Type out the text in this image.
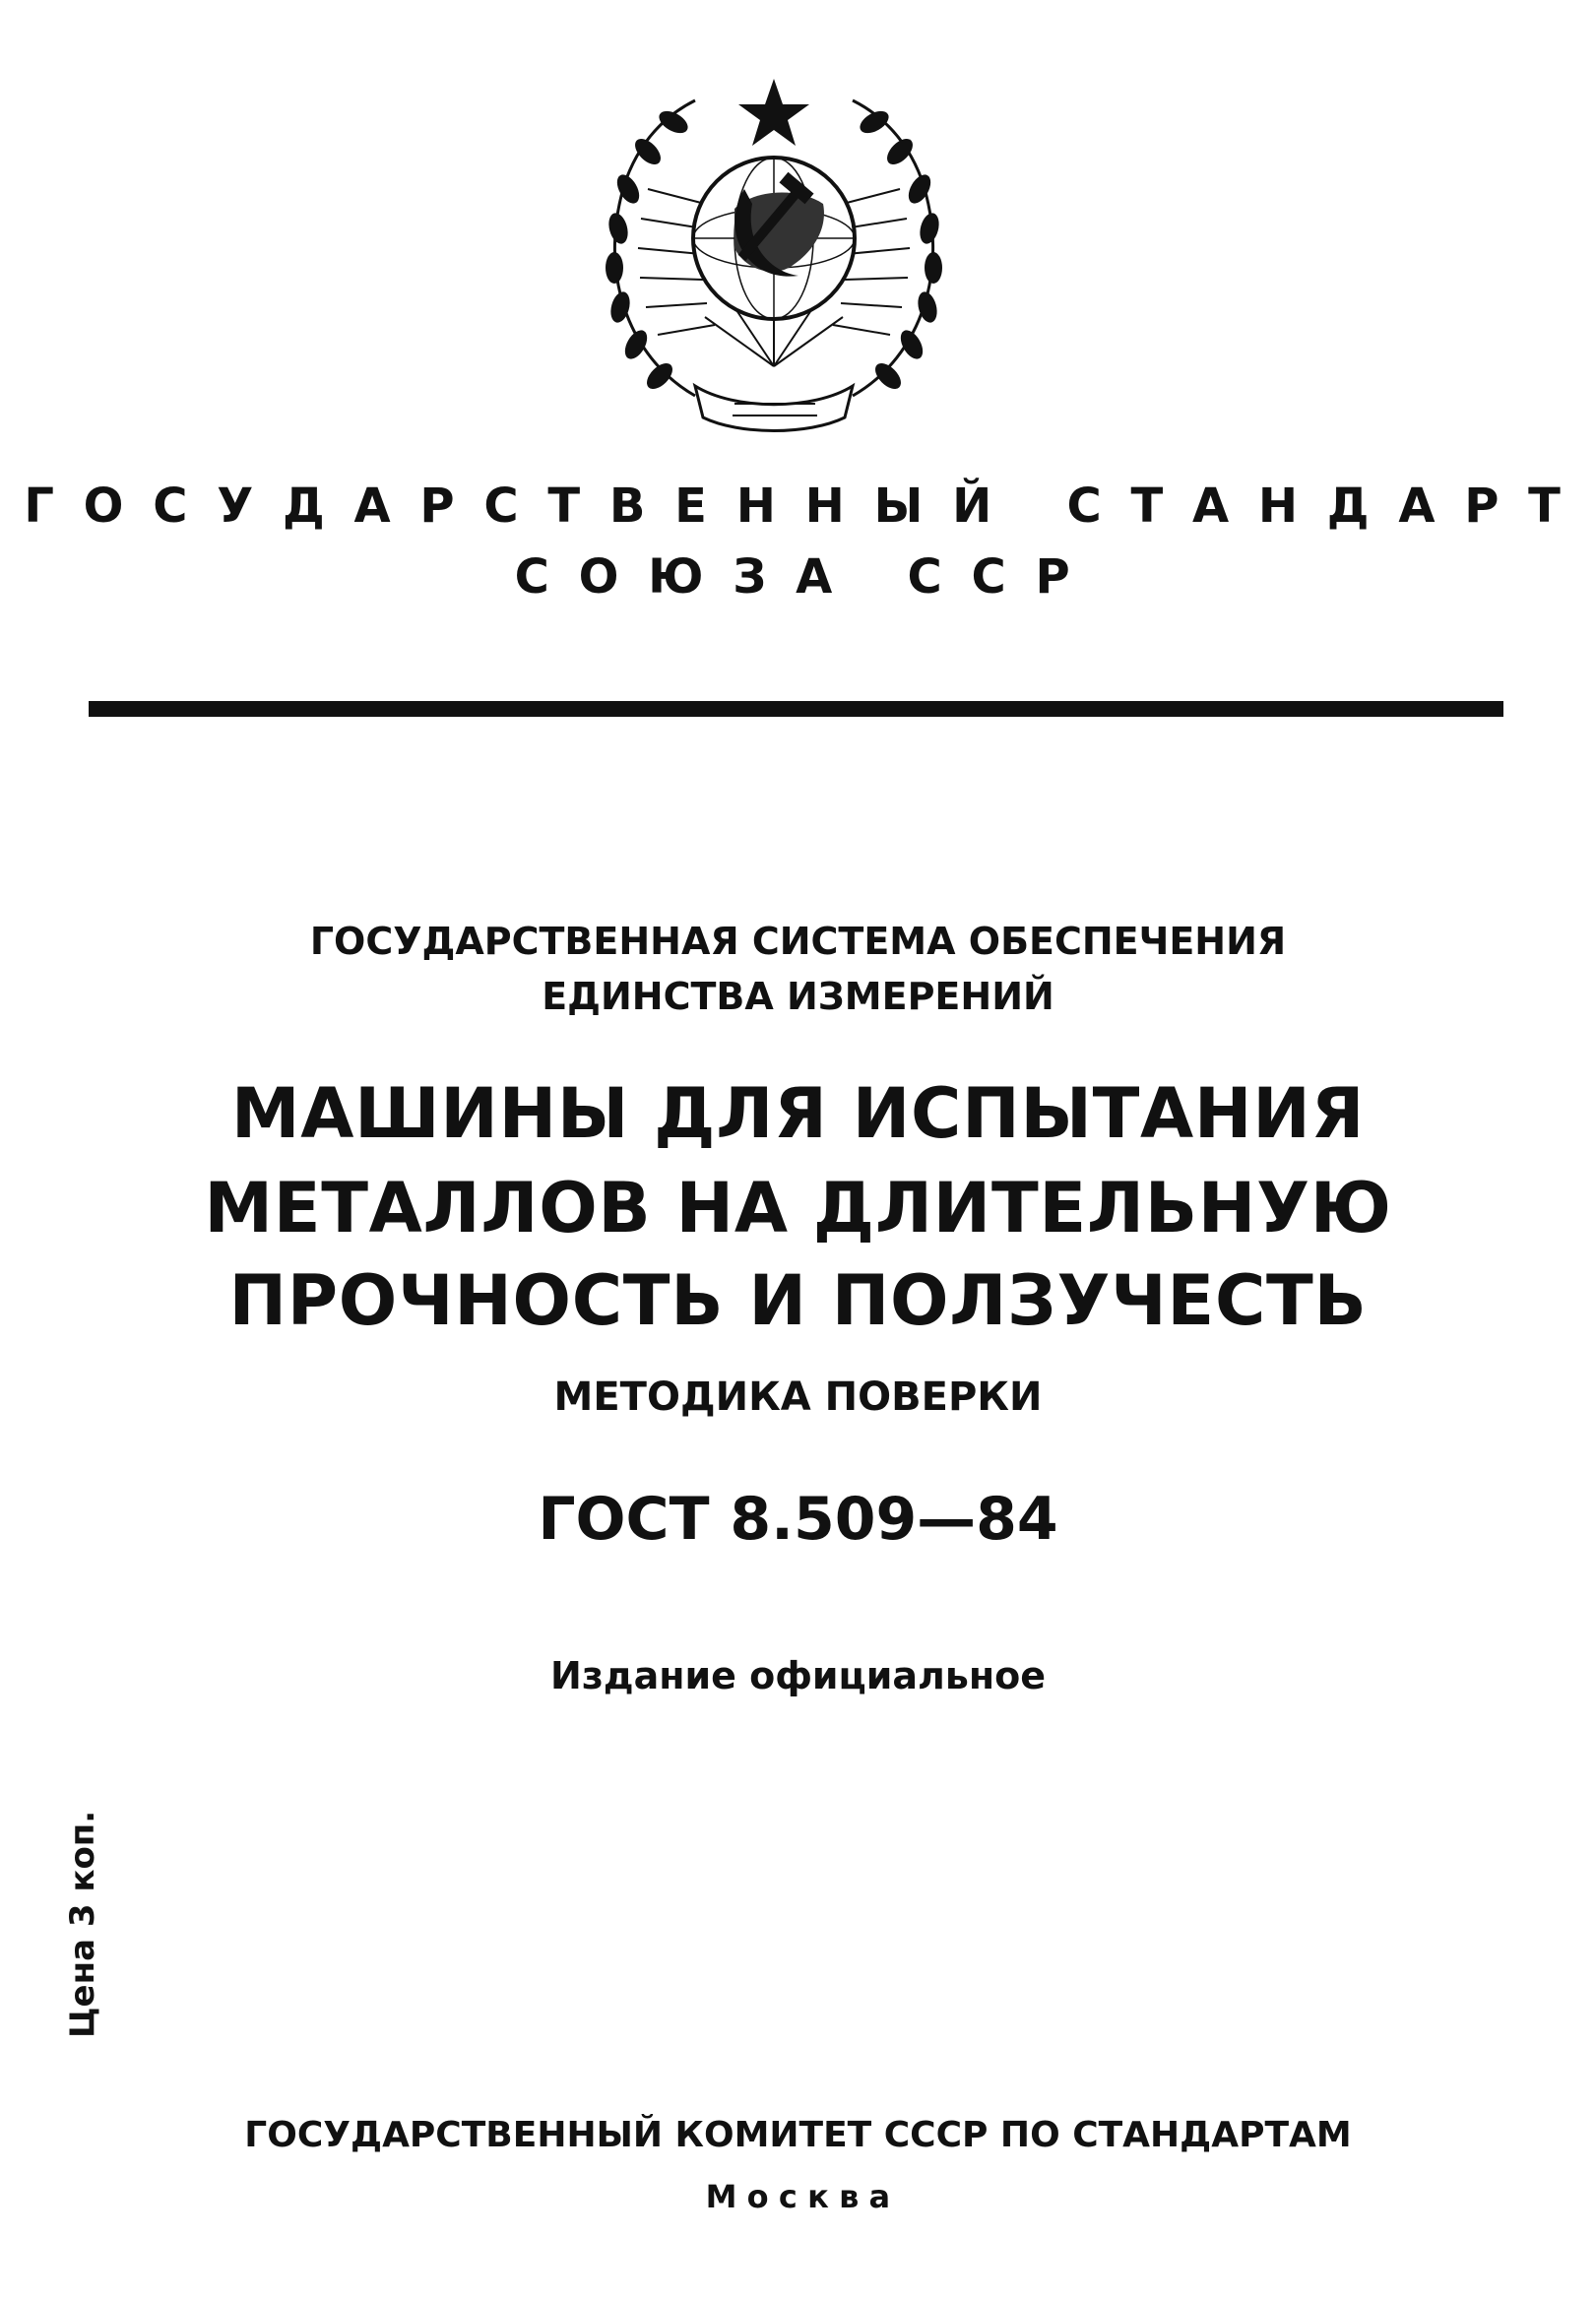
ГОСУДАРСТВЕННЫЙ СТАНДАРТ
СОЮЗА ССР
ГОСУДАРСТВЕННАЯ СИСТЕМА ОБЕСПЕЧЕНИЯ
ЕДИНСТВА ИЗМЕРЕНИЙ
МАШИНЫ ДЛЯ ИСПЫТАНИЯ
МЕТАЛЛОВ НА ДЛИТЕЛЬНУЮ
ПРОЧНОСТЬ И ПОЛЗУЧЕСТЬ
МЕТОДИКА ПОВЕРКИ
ГОСТ 8.509—84
Издание официальное
Цена 3 коп.
ГОСУДАРСТВЕННЫЙ КОМИТЕТ СССР ПО СТАНДАРТАМ
Москва
